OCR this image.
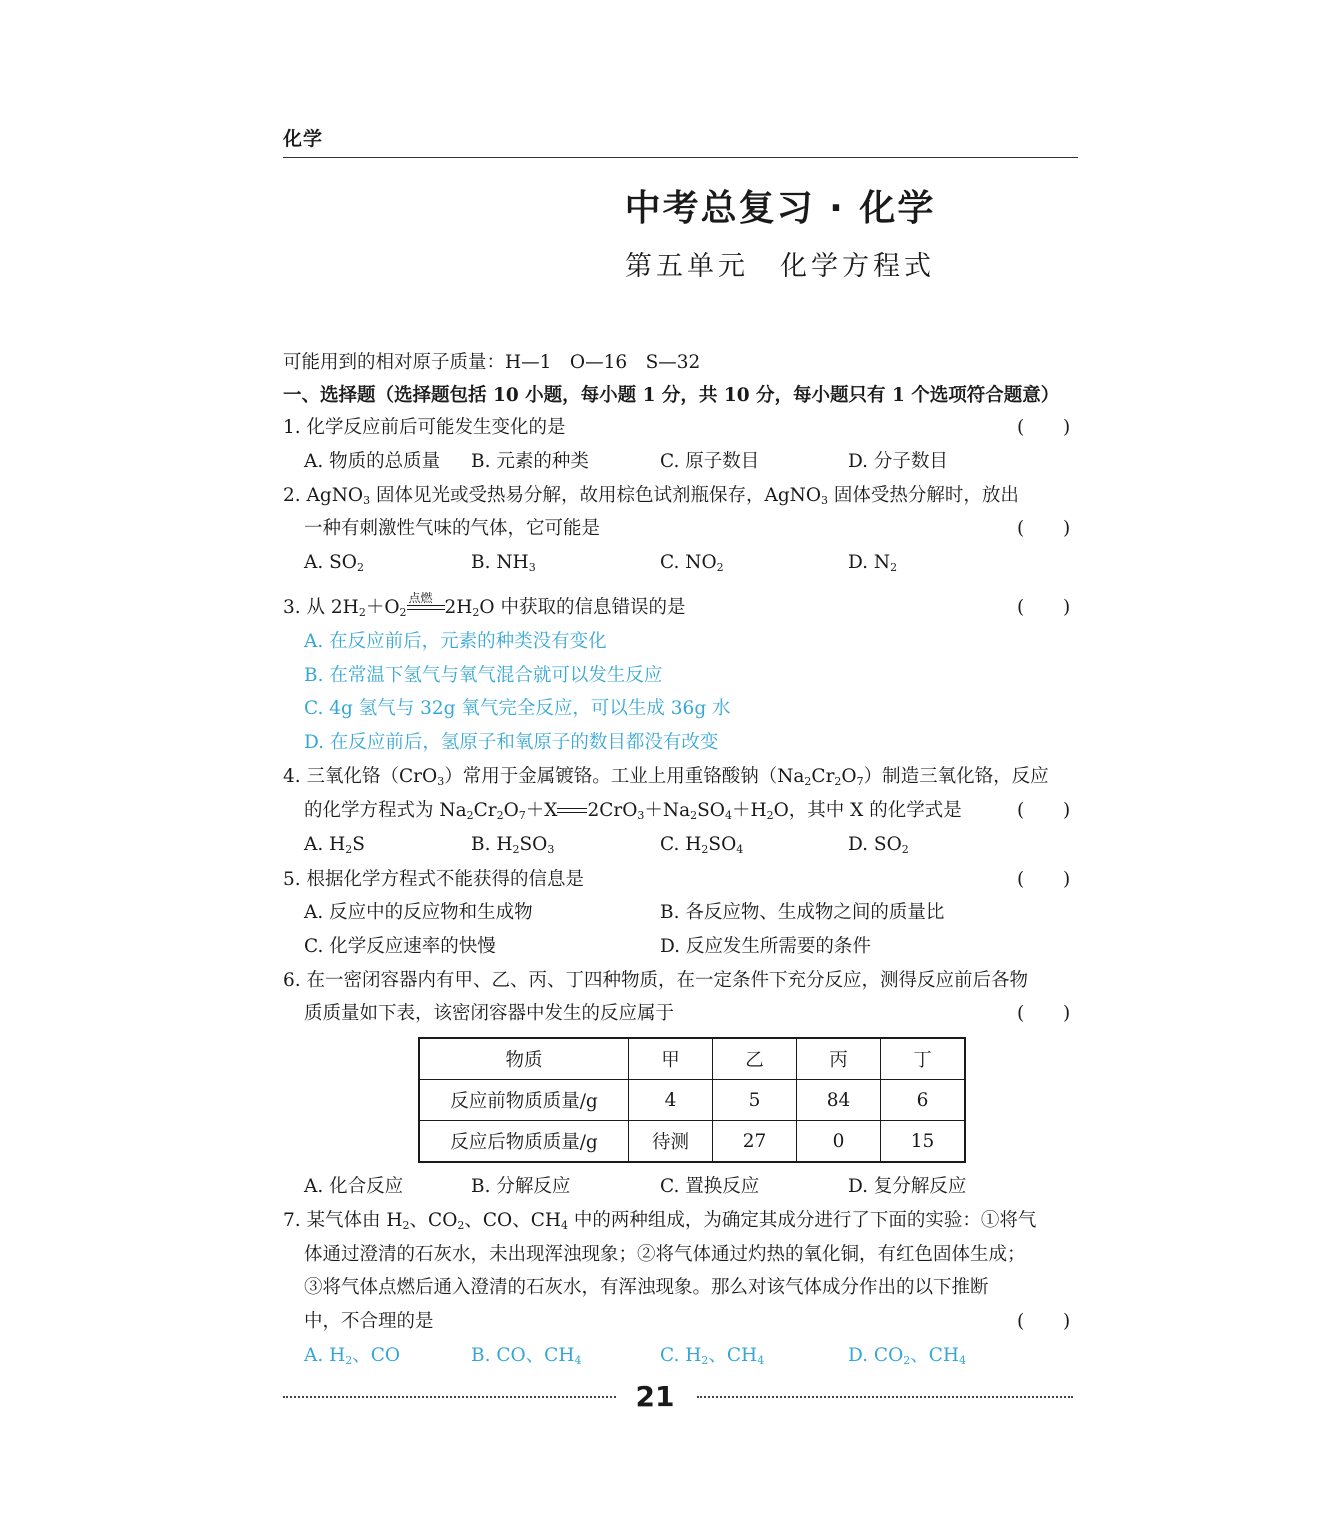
化学
中考总复习 · 化学
第五单元　化学方程式
可能用到的相对原子质量：H—1　O—16　S—32
一、选择题（选择题包括 10 小题，每小题 1 分，共 10 分，每小题只有 1 个选项符合题意）
1. 化学反应前后可能发生变化的是	( )
A. 物质的总质量 B. 元素的种类	C. 原子数目	D. 分子数目
2. AgNO$_3$ 固体见光或受热易分解，故用棕色试剂瓶保存，AgNO$_3$ 固体受热分解时，放出
一种有刺激性气味的气体，它可能是	( )
A. $SO_2$	B. $NH_3$	C. $NO_2$	D. $N_2$
3. 从 $2H_2+O_2$
点燃 $2H_2O$ 中获取的信息错误的是	( )
A. 在反应前后，元素的种类没有变化
B. 在常温下氢气与氧气混合就可以发生反应
C. 4g 氢气与 32g 氧气完全反应，可以生成 36g 水
D. 在反应前后，氢原子和氧原子的数目都没有改变
4. 三氧化铬（CrO$_3$）常用于金属镀铬。工业上用重铬酸钠$(Na_2Cr_2O_7)$制造三氧化铬，反应
的化学方程式为 $Na_2Cr_2O_7+X$ $2CrO_3+Na_2SO_4+H_2O$，其中 X 的化学式是	( )
A. $H_2S$	B. $H_2SO_3$	C. $H_2SO_4$	D. $SO_2$
5. 根据化学方程式不能获得的信息是	( )
A. 反应中的反应物和生成物	B. 各反应物、生成物之间的质量比
C. 化学反应速率的快慢	D. 反应发生所需要的条件
6. 在一密闭容器内有甲、乙、丙、丁四种物质，在一定条件下充分反应，测得反应前后各物
质质量如下表，该密闭容器中发生的反应属于	( )
物质	甲	乙	丙	丁
反应前物质质量/g	4	5	84	6
反应后物质质量/g	待测	27	0	15
A. 化合反应	B. 分解反应	C. 置换反应	D. 复分解反应
7. 某气体由 $H_2$、$CO_2$、CO、$CH_4$ 中的两种组成，为确定其成分进行了下面的实验：①将气
体通过澄清的石灰水，未出现浑浊现象；②将气体通过灼热的氧化铜，有红色固体生成；
③将气体点燃后通入澄清的石灰水，有浑浊现象。那么对该气体成分作出的以下推断
中，不合理的是	( )
A. $H_2$、CO	B. CO、$CH_4$	C. $H_2$、$CH_4$	D. $CO_2$、$CH_4$
21
